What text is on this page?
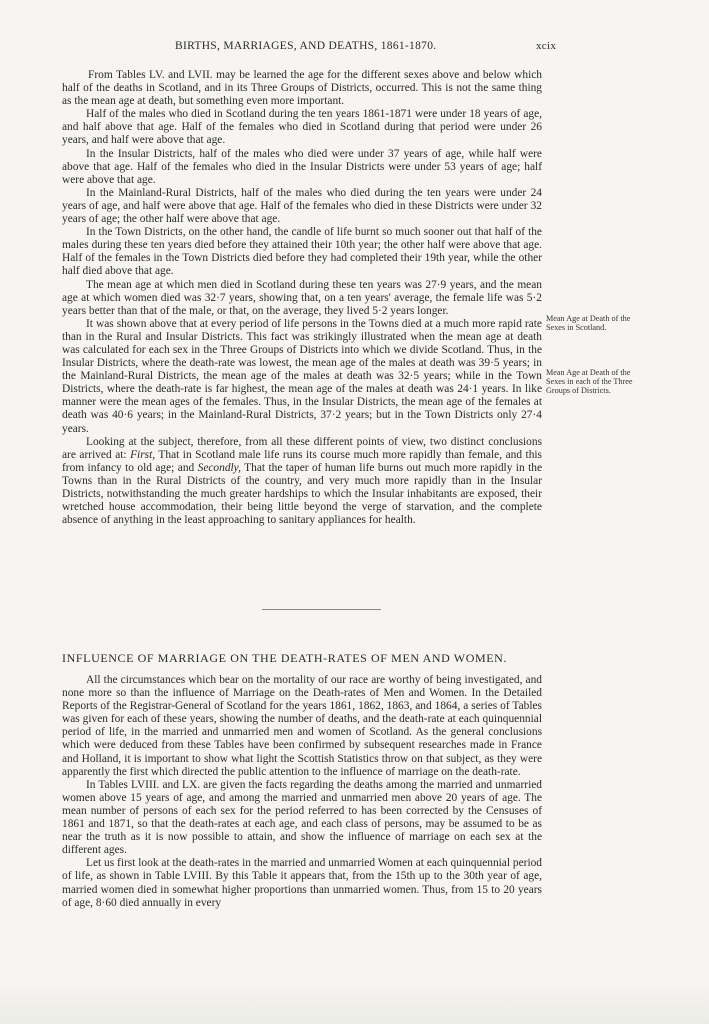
BIRTHS, MARRIAGES, AND DEATHS, 1861-1870.	xcix

From Tables LV. and LVII. may be learned the age for the different sexes above and below which half of the deaths in Scotland, and in its Three Groups of Districts, occurred. This is not the same thing as the mean age at death, but something even more important.

Half of the males who died in Scotland during the ten years 1861-1871 were under 18 years of age, and half above that age. Half of the females who died in Scotland during that period were under 26 years, and half were above that age.

In the Insular Districts, half of the males who died were under 37 years of age, while half were above that age. Half of the females who died in the Insular Districts were under 53 years of age; half were above that age.

In the Mainland-Rural Districts, half of the males who died during the ten years were under 24 years of age, and half were above that age. Half of the females who died in these Districts were under 32 years of age; the other half were above that age.

In the Town Districts, on the other hand, the candle of life burnt so much sooner out that half of the males during these ten years died before they attained their 10th year; the other half were above that age. Half of the females in the Town Districts died before they had completed their 19th year, while the other half died above that age.

The mean age at which men died in Scotland during these ten years was 27·9 years, and the mean age at which women died was 32·7 years, showing that, on a ten years' average, the female life was 5·2 years better than that of the male, or that, on the average, they lived 5·2 years longer.

It was shown above that at every period of life persons in the Towns died at a much more rapid rate than in the Rural and Insular Districts. This fact was strikingly illustrated when the mean age at death was calculated for each sex in the Three Groups of Districts into which we divide Scotland. Thus, in the Insular Districts, where the death-rate was lowest, the mean age of the males at death was 39·5 years; in the Mainland-Rural Districts, the mean age of the males at death was 32·5 years; while in the Town Districts, where the death-rate is far highest, the mean age of the males at death was 24·1 years. In like manner were the mean ages of the females. Thus, in the Insular Districts, the mean age of the females at death was 40·6 years; in the Mainland-Rural Districts, 37·2 years; but in the Town Districts only 27·4 years.

Looking at the subject, therefore, from all these different points of view, two distinct conclusions are arrived at: First, That in Scotland male life runs its course much more rapidly than female, and this from infancy to old age; and Secondly, That the taper of human life burns out much more rapidly in the Towns than in the Rural Districts of the country, and very much more rapidly than in the Insular Districts, notwithstanding the much greater hardships to which the Insular inhabitants are exposed, their wretched house accommodation, their being little beyond the verge of starvation, and the complete absence of anything in the least approaching to sanitary appliances for health.

Mean Age at Death of the Sexes in Scotland.
Mean Age at Death of the Sexes in each of the Three Groups of Districts.
INFLUENCE OF MARRIAGE ON THE DEATH-RATES OF MEN AND WOMEN.

All the circumstances which bear on the mortality of our race are worthy of being investigated, and none more so than the influence of Marriage on the Death-rates of Men and Women. In the Detailed Reports of the Registrar-General of Scotland for the years 1861, 1862, 1863, and 1864, a series of Tables was given for each of these years, showing the number of deaths, and the death-rate at each quinquennial period of life, in the married and unmarried men and women of Scotland. As the general conclusions which were deduced from these Tables have been confirmed by subsequent researches made in France and Holland, it is important to show what light the Scottish Statistics throw on that subject, as they were apparently the first which directed the public attention to the influence of marriage on the death-rate.

In Tables LVIII. and LX. are given the facts regarding the deaths among the married and unmarried women above 15 years of age, and among the married and unmarried men above 20 years of age. The mean number of persons of each sex for the period referred to has been corrected by the Censuses of 1861 and 1871, so that the death-rates at each age, and each class of persons, may be assumed to be as near the truth as it is now possible to attain, and show the influence of marriage on each sex at the different ages.

Let us first look at the death-rates in the married and unmarried Women at each quinquennial period of life, as shown in Table LVIII. By this Table it appears that, from the 15th up to the 30th year of age, married women died in somewhat higher proportions than unmarried women. Thus, from 15 to 20 years of age, 8·60 died annually in every
